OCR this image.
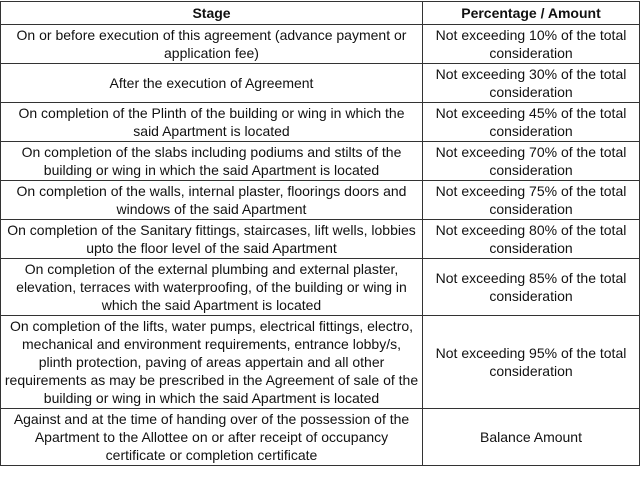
Stage	Percentage / Amount
On or before execution of this agreement (advance payment or application fee)	Not exceeding 10% of the total consideration
After the execution of Agreement	Not exceeding 30% of the total consideration
On completion of the Plinth of the building or wing in which the said Apartment is located	Not exceeding 45% of the total consideration
On completion of the slabs including podiums and stilts of the building or wing in which the said Apartment is located	Not exceeding 70% of the total consideration
On completion of the walls, internal plaster, floorings doors and windows of the said Apartment	Not exceeding 75% of the total consideration
On completion of the Sanitary fittings, staircases, lift wells, lobbies upto the floor level of the said Apartment	Not exceeding 80% of the total consideration
On completion of the external plumbing and external plaster, elevation, terraces with waterproofing, of the building or wing in which the said Apartment is located	Not exceeding 85% of the total consideration
On completion of the lifts, water pumps, electrical fittings, electro, mechanical and environment requirements, entrance lobby/s, plinth protection, paving of areas appertain and all other requirements as may be prescribed in the Agreement of sale of the building or wing in which the said Apartment is located	Not exceeding 95% of the total consideration
Against and at the time of handing over of the possession of the Apartment to the Allottee on or after receipt of occupancy certificate or completion certificate	Balance Amount
